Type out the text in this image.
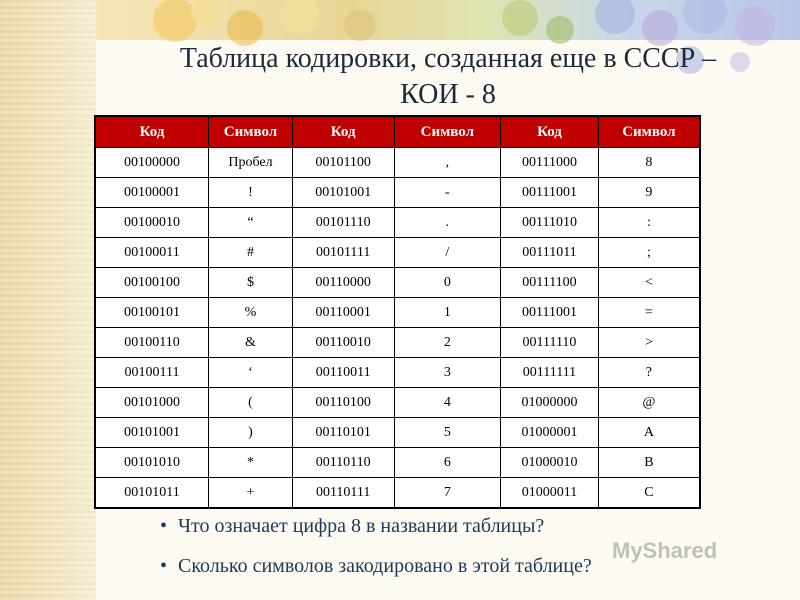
Таблица кодировки, созданная еще в СССР –
КОИ - 8
Код	Символ	Код	Символ	Код	Символ
00100000	Пробел	00101100	,	00111000	8
00100001	!	00101001	-	00111001	9
00100010	“	00101110	.	00111010	:
00100011	#	00101111	/	00111011	;
00100100	$	00110000	0	00111100	<
00100101	%	00110001	1	00111001	=
00100110	&	00110010	2	00111110	>
00100111	‘	00110011	3	00111111	?
00101000	(	00110100	4	01000000	@
00101001	)	00110101	5	01000001	A
00101010	*	00110110	6	01000010	B
00101011	+	00110111	7	01000011	C
• Что означает цифра 8 в названии таблицы?
• Сколько символов закодировано в этой таблице?
MyShared
